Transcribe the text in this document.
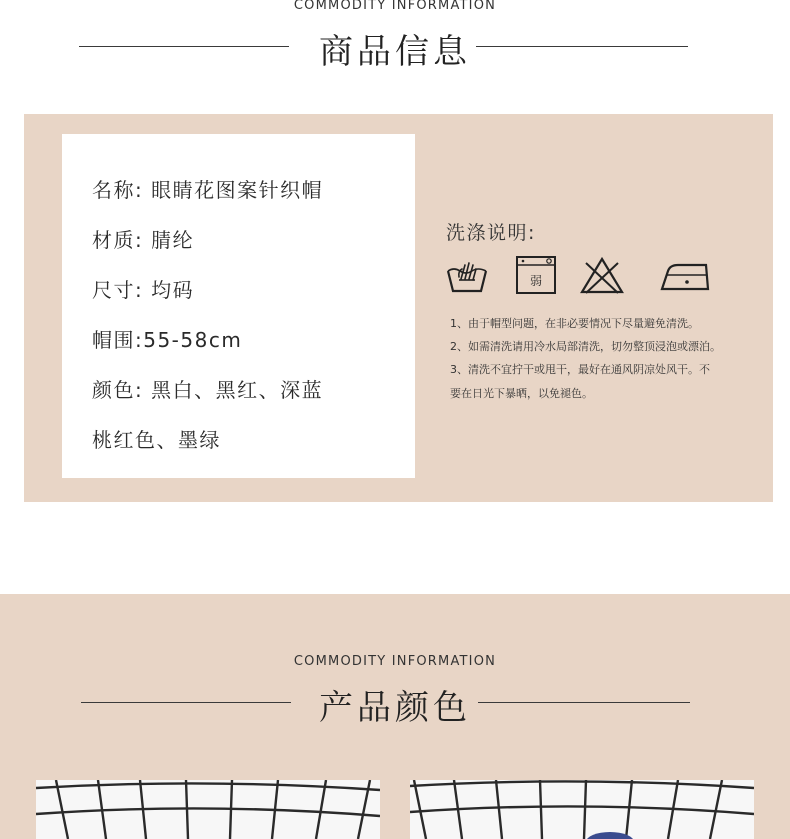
COMMODITY INFORMATION
商品信息
名称: 眼睛花图案针织帽
材质: 腈纶
尺寸: 均码
帽围:55-58cm
颜色: 黑白、黑红、深蓝
桃红色、墨绿
洗涤说明:
弱
1、由于帽型问题，在非必要情况下尽量避免清洗。
2、如需清洗请用冷水局部清洗，切勿整顶浸泡或漂泊。
3、清洗不宜拧干或甩干，最好在通风阴凉处风干。不
要在日光下暴晒，以免褪色。
COMMODITY INFORMATION
产品颜色
